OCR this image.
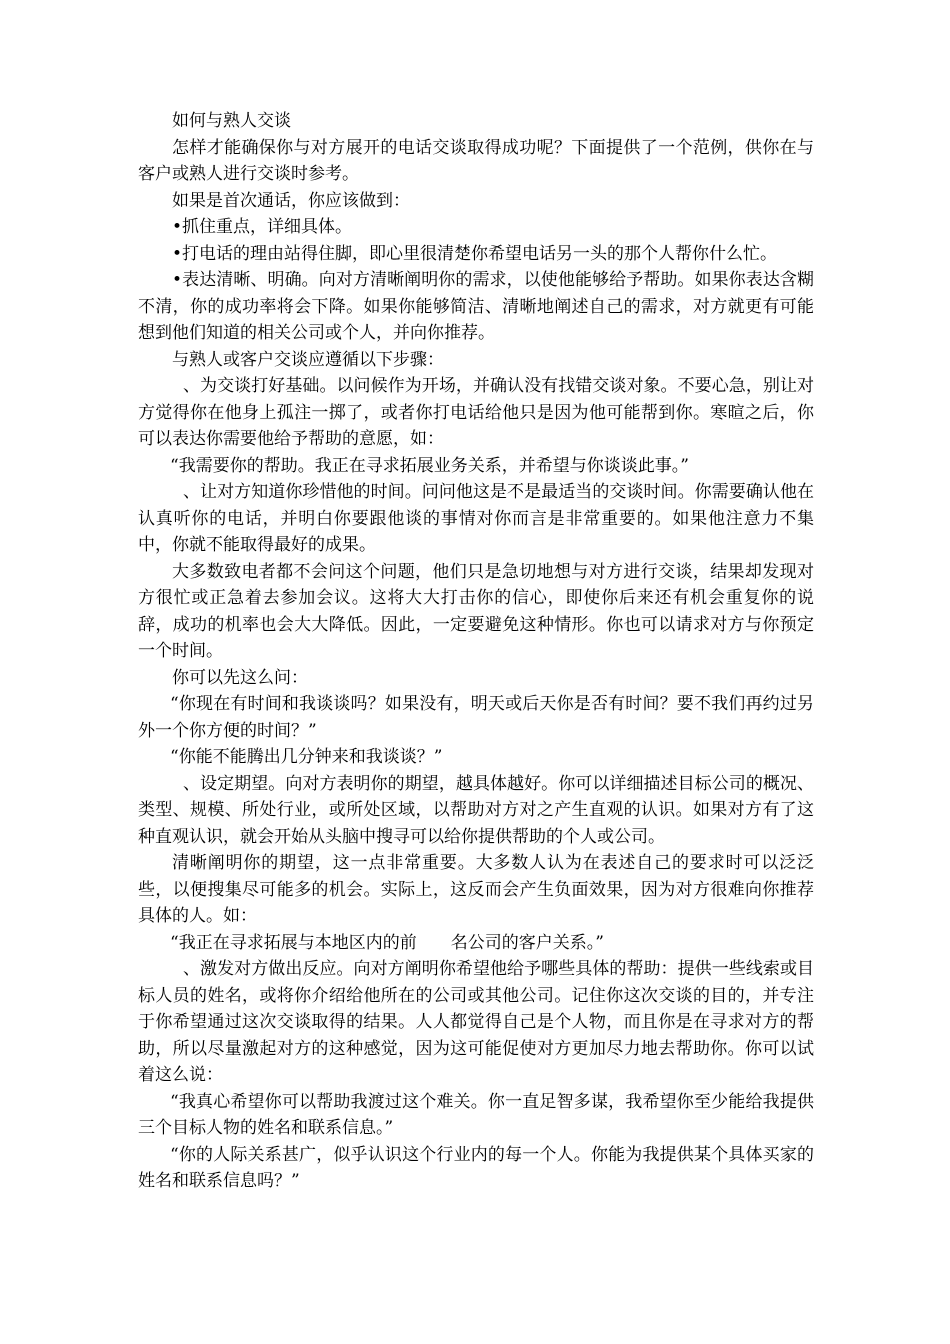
如何与熟人交谈

怎样才能确保你与对方展开的电话交谈取得成功呢？下面提供了一个范例，供你在与客户或熟人进行交谈时参考。

如果是首次通话，你应该做到：

•抓住重点，详细具体。

•打电话的理由站得住脚，即心里很清楚你希望电话另一头的那个人帮你什么忙。

•表达清晰、明确。向对方清晰阐明你的需求，以使他能够给予帮助。如果你表达含糊不清，你的成功率将会下降。如果你能够简洁、清晰地阐述自己的需求，对方就更有可能想到他们知道的相关公司或个人，并向你推荐。

与熟人或客户交谈应遵循以下步骤：

、为交谈打好基础。以问候作为开场，并确认没有找错交谈对象。不要心急，别让对方觉得你在他身上孤注一掷了，或者你打电话给他只是因为他可能帮到你。寒暄之后，你可以表达你需要他给予帮助的意愿，如：

“我需要你的帮助。我正在寻求拓展业务关系，并希望与你谈谈此事。”

、让对方知道你珍惜他的时间。问问他这是不是最适当的交谈时间。你需要确认他在认真听你的电话，并明白你要跟他谈的事情对你而言是非常重要的。如果他注意力不集中，你就不能取得最好的成果。

大多数致电者都不会问这个问题，他们只是急切地想与对方进行交谈，结果却发现对方很忙或正急着去参加会议。这将大大打击你的信心，即使你后来还有机会重复你的说辞，成功的机率也会大大降低。因此，一定要避免这种情形。你也可以请求对方与你预定一个时间。

你可以先这么问：

“你现在有时间和我谈谈吗？如果没有，明天或后天你是否有时间？要不我们再约过另外一个你方便的时间？”

“你能不能腾出几分钟来和我谈谈？”

、设定期望。向对方表明你的期望，越具体越好。你可以详细描述目标公司的概况、类型、规模、所处行业，或所处区域，以帮助对方对之产生直观的认识。如果对方有了这种直观认识，就会开始从头脑中搜寻可以给你提供帮助的个人或公司。

清晰阐明你的期望，这一点非常重要。大多数人认为在表述自己的要求时可以泛泛些，以便搜集尽可能多的机会。实际上，这反而会产生负面效果，因为对方很难向你推荐具体的人。如：

“我正在寻求拓展与本地区内的前　　名公司的客户关系。”

、激发对方做出反应。向对方阐明你希望他给予哪些具体的帮助：提供一些线索或目标人员的姓名，或将你介绍给他所在的公司或其他公司。记住你这次交谈的目的，并专注于你希望通过这次交谈取得的结果。人人都觉得自己是个人物，而且你是在寻求对方的帮助，所以尽量激起对方的这种感觉，因为这可能促使对方更加尽力地去帮助你。你可以试着这么说：

“我真心希望你可以帮助我渡过这个难关。你一直足智多谋，我希望你至少能给我提供三个目标人物的姓名和联系信息。”

“你的人际关系甚广，似乎认识这个行业内的每一个人。你能为我提供某个具体买家的姓名和联系信息吗？”
